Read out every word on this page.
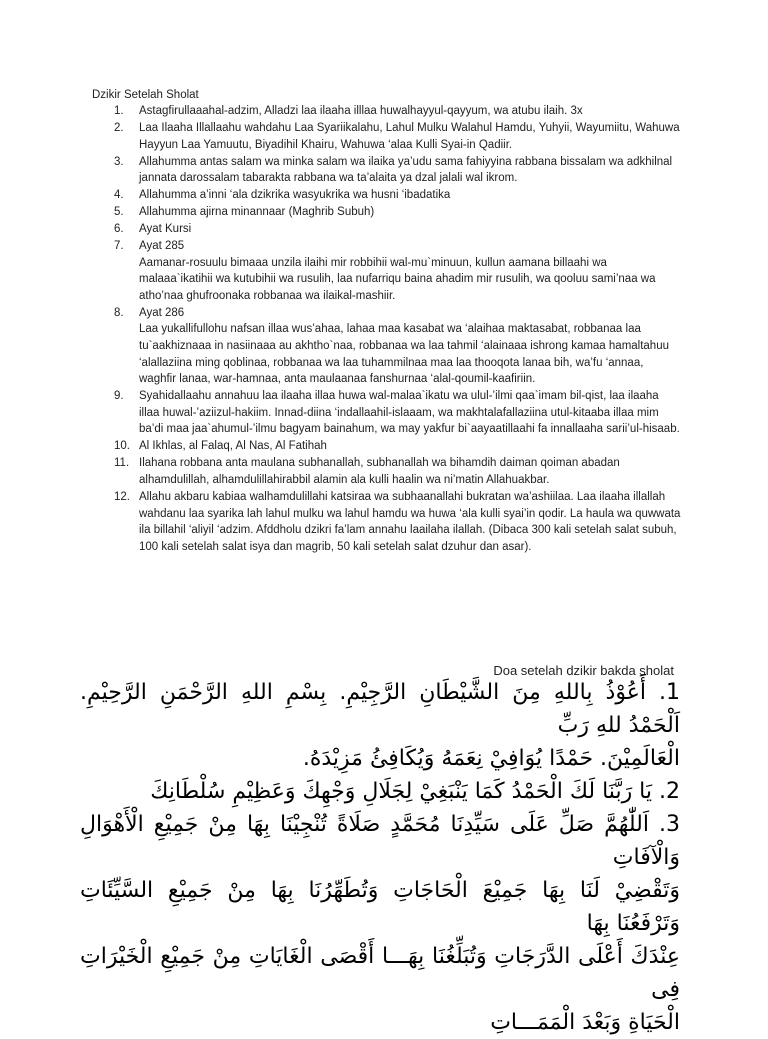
Dzikir Setelah Sholat
1.	Astagfirullaaahal-adzim, Alladzi laa ilaaha illlaa huwalhayyul-qayyum, wa atubu ilaih. 3x
2.	Laa Ilaaha Illallaahu wahdahu Laa Syariikalahu, Lahul Mulku Walahul Hamdu, Yuhyii, Wayumiitu, Wahuwa Hayyun Laa Yamuutu, Biyadihil Khairu, Wahuwa ‘alaa Kulli Syai-in Qadiir.
3.	Allahumma antas salam wa minka salam wa ilaika ya’udu sama fahiyyina rabbana bissalam wa adkhilnal jannata darossalam tabarakta rabbana wa ta’alaita ya dzal jalali wal ikrom.
4.	Allahumma a’inni ‘ala dzikrika wasyukrika wa husni ‘ibadatika
5.	Allahumma ajirna minannaar (Maghrib Subuh)
6.	Ayat Kursi
7.	Ayat 285
Aamanar-rosuulu bimaaa unzila ilaihi mir robbihii wal-mu`minuun, kullun aamana billaahi wa malaaa`ikatihii wa kutubihii wa rusulih, laa nufarriqu baina ahadim mir rusulih, wa qooluu sami’naa wa atho’naa ghufroonaka robbanaa wa ilaikal-mashiir.
8.	Ayat 286
Laa yukallifullohu nafsan illaa wus’ahaa, lahaa maa kasabat wa ‘alaihaa maktasabat, robbanaa laa tu`aakhiznaaa in nasiinaaa au akhtho`naa, robbanaa wa laa tahmil ‘alainaaa ishrong kamaa hamaltahuu ‘alallaziina ming qoblinaa, robbanaa wa laa tuhammilnaa maa laa thooqota lanaa bih, wa’fu ‘annaa, waghfir lanaa, war-hamnaa, anta maulaanaa fanshurnaa ‘alal-qoumil-kaafiriin.
9.	Syahidallaahu annahuu laa ilaaha illaa huwa wal-malaa`ikatu wa ulul-’ilmi qaa`imam bil-qist, laa ilaaha illaa huwal-’aziizul-hakiim. Innad-diina ‘indallaahil-islaaam, wa makhtalafallaziina utul-kitaaba illaa mim ba’di maa jaa`ahumul-’ilmu bagyam bainahum, wa may yakfur bi`aayaatillaahi fa innallaaha sarii’ul-hisaab.
10. Al Ikhlas, al Falaq, Al Nas, Al Fatihah
11. Ilahana robbana anta maulana subhanallah, subhanallah wa bihamdih daiman qoiman abadan alhamdulillah, alhamdulillahirabbil alamin ala kulli haalin wa ni’matin Allahuakbar.
12. Allahu akbaru kabiaa walhamdulillahi katsiraa wa subhaanallahi bukratan wa’ashiilaa. Laa ilaaha illallah wahdanu laa syarika lah lahul mulku wa lahul hamdu wa huwa ‘ala kulli syai’in qodir. La haula wa quwwata ila billahil ‘aliyil ‘adzim. Afddholu dzikri fa’lam annahu laailaha ilallah. (Dibaca 300 kali setelah salat subuh, 100 kali setelah salat isya dan magrib, 50 kali setelah salat dzuhur dan asar).
Doa setelah dzikir bakda sholat
1. أَعُوْذُ بِاللهِ مِنَ الشَّيْطَانِ الرَّجِيْمِ. بِسْمِ اللهِ الرَّحْمَنِ الرَّحِيْمِ. اَلْحَمْدُ للهِ رَبِّ
الْعَالَمِيْنَ. حَمْدًا يُوَافِيْ نِعَمَهُ وَيُكَافِئُ مَزِيْدَهُ.
2. يَا رَبَّنَا لَكَ الْحَمْدُ كَمَا يَنْبَغِيْ لِجَلَالِ وَجْهِكَ وَعَظِيْمِ سُلْطَانِكَ
3. اَللّٰهُمَّ صَلِّ عَلَى سَيِّدِنَا مُحَمَّدٍ صَلَاةً تُنْجِيْنَا بِهَا مِنْ جَمِيْعِ الْأَهْوَالِ وَالْآفَاتِ
وَتَقْضِيْ لَنَا بِهَا جَمِيْعَ الْحَاجَاتِ وَتُطَهِّرُنَا بِهَا مِنْ جَمِيْعِ السَّيِّئَاتِ وَتَرْفَعُنَا بِهَا
عِنْدَكَ أَعْلَى الدَّرَجَاتِ وَتُبَلِّغُنَا بِهَـــا أَقْصَى الْغَايَاتِ مِنْ جَمِيْعِ الْخَيْرَاتِ فِى
الْحَيَاةِ وَبَعْدَ الْمَمَـــاتِ
